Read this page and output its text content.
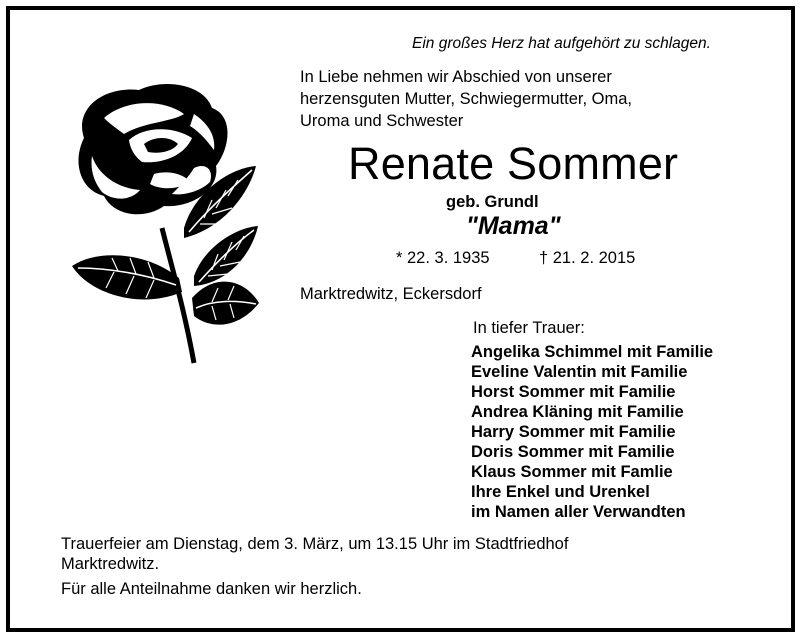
Ein großes Herz hat aufgehört zu schlagen.

In Liebe nehmen wir Abschied von unserer
herzensguten Mutter, Schwiegermutter, Oma,
Uroma und Schwester
Renate Sommer

geb. Grundl

"Mama"

* 22. 3. 1935	† 21. 2. 2015

Marktredwitz, Eckersdorf

In tiefer Trauer:

Angelika Schimmel mit Familie
Eveline Valentin mit Familie
Horst Sommer mit Familie
Andrea Kläning mit Familie
Harry Sommer mit Familie
Doris Sommer mit Familie
Klaus Sommer mit Famlie
Ihre Enkel und Urenkel
im Namen aller Verwandten
Trauerfeier am Dienstag, dem 3. März, um 13.15 Uhr im Stadtfriedhof
Marktredwitz.

Für alle Anteilnahme danken wir herzlich.
